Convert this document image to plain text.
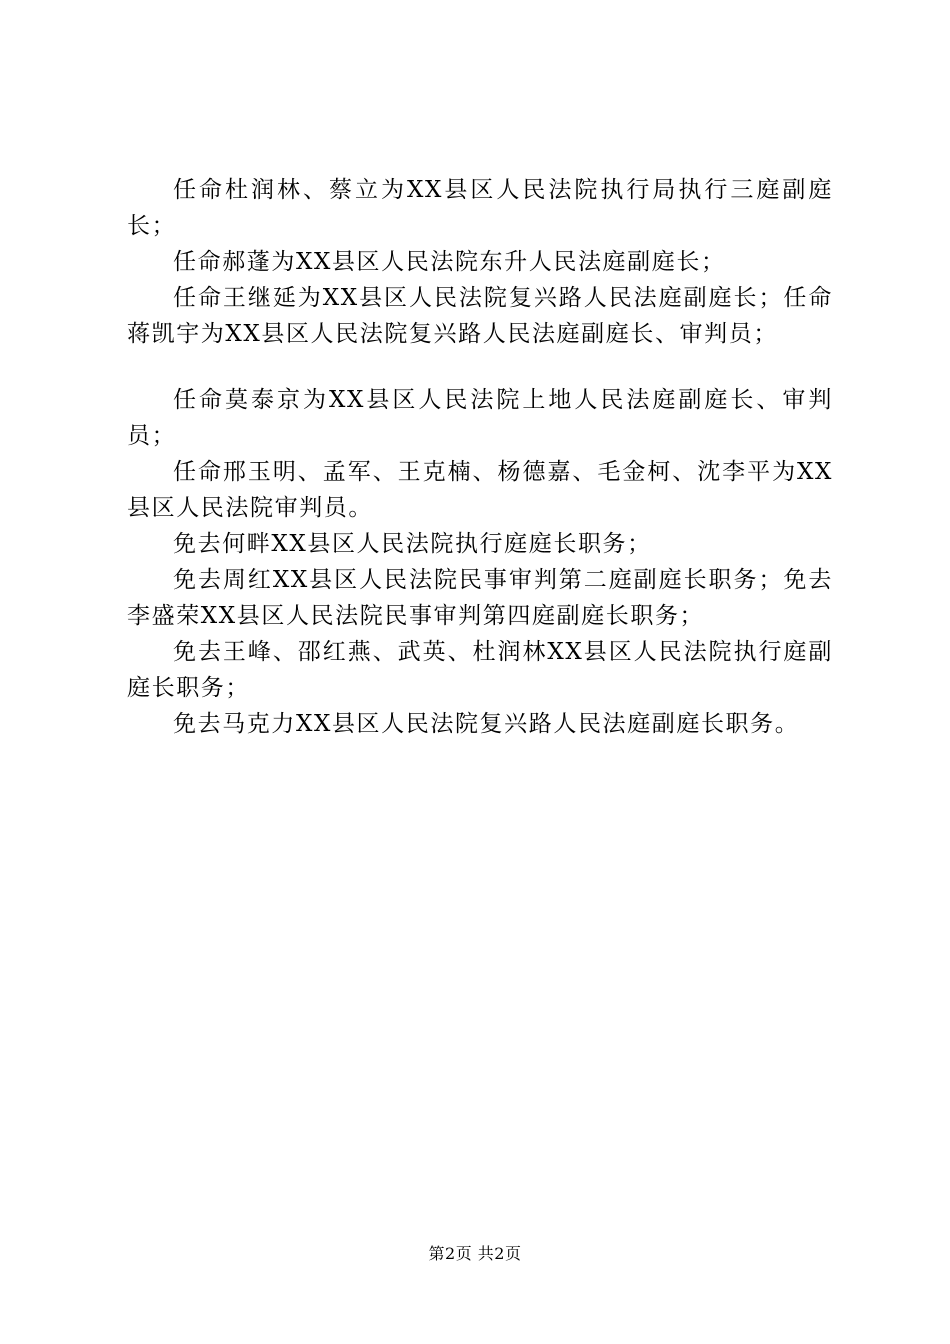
任命杜润林、蔡立为XX县区人民法院执行局执行三庭副庭长；

任命郝蓬为XX县区人民法院东升人民法庭副庭长；

任命王继延为XX县区人民法院复兴路人民法庭副庭长；任命蒋凯宇为XX县区人民法院复兴路人民法庭副庭长、审判员；

任命莫泰京为XX县区人民法院上地人民法庭副庭长、审判员；

任命邢玉明、孟军、王克楠、杨德嘉、毛金柯、沈李平为XX县区人民法院审判员。

免去何畔XX县区人民法院执行庭庭长职务；

免去周红XX县区人民法院民事审判第二庭副庭长职务；免去李盛荣XX县区人民法院民事审判第四庭副庭长职务；

免去王峰、邵红燕、武英、杜润林XX县区人民法院执行庭副庭长职务；

免去马克力XX县区人民法院复兴路人民法庭副庭长职务。

第2页 共2页
